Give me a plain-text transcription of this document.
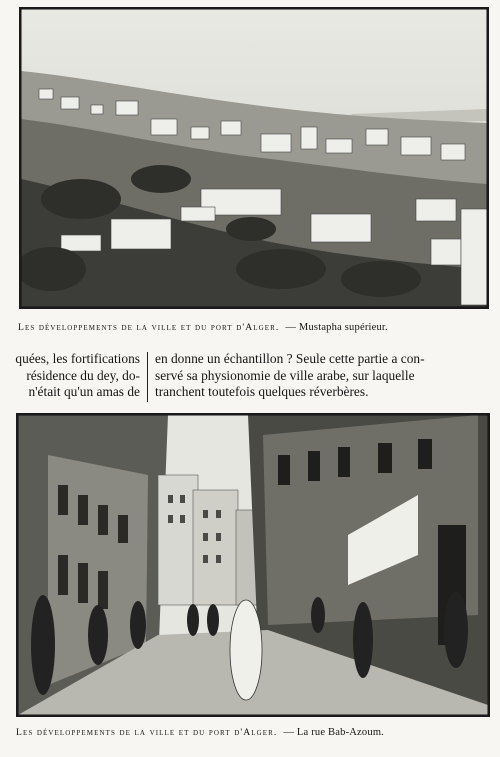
Les développements de la ville et du port d'Alger. — Mustapha supérieur.
quées, les fortifications
résidence du dey, do-
n'était qu'un amas de
en donne un échantillon ? Seule cette partie a con-
servé sa physionomie de ville arabe, sur laquelle
tranchent toutefois quelques réverbères.
Les développements de la ville et du port d'Alger. — La rue Bab-Azoum.
